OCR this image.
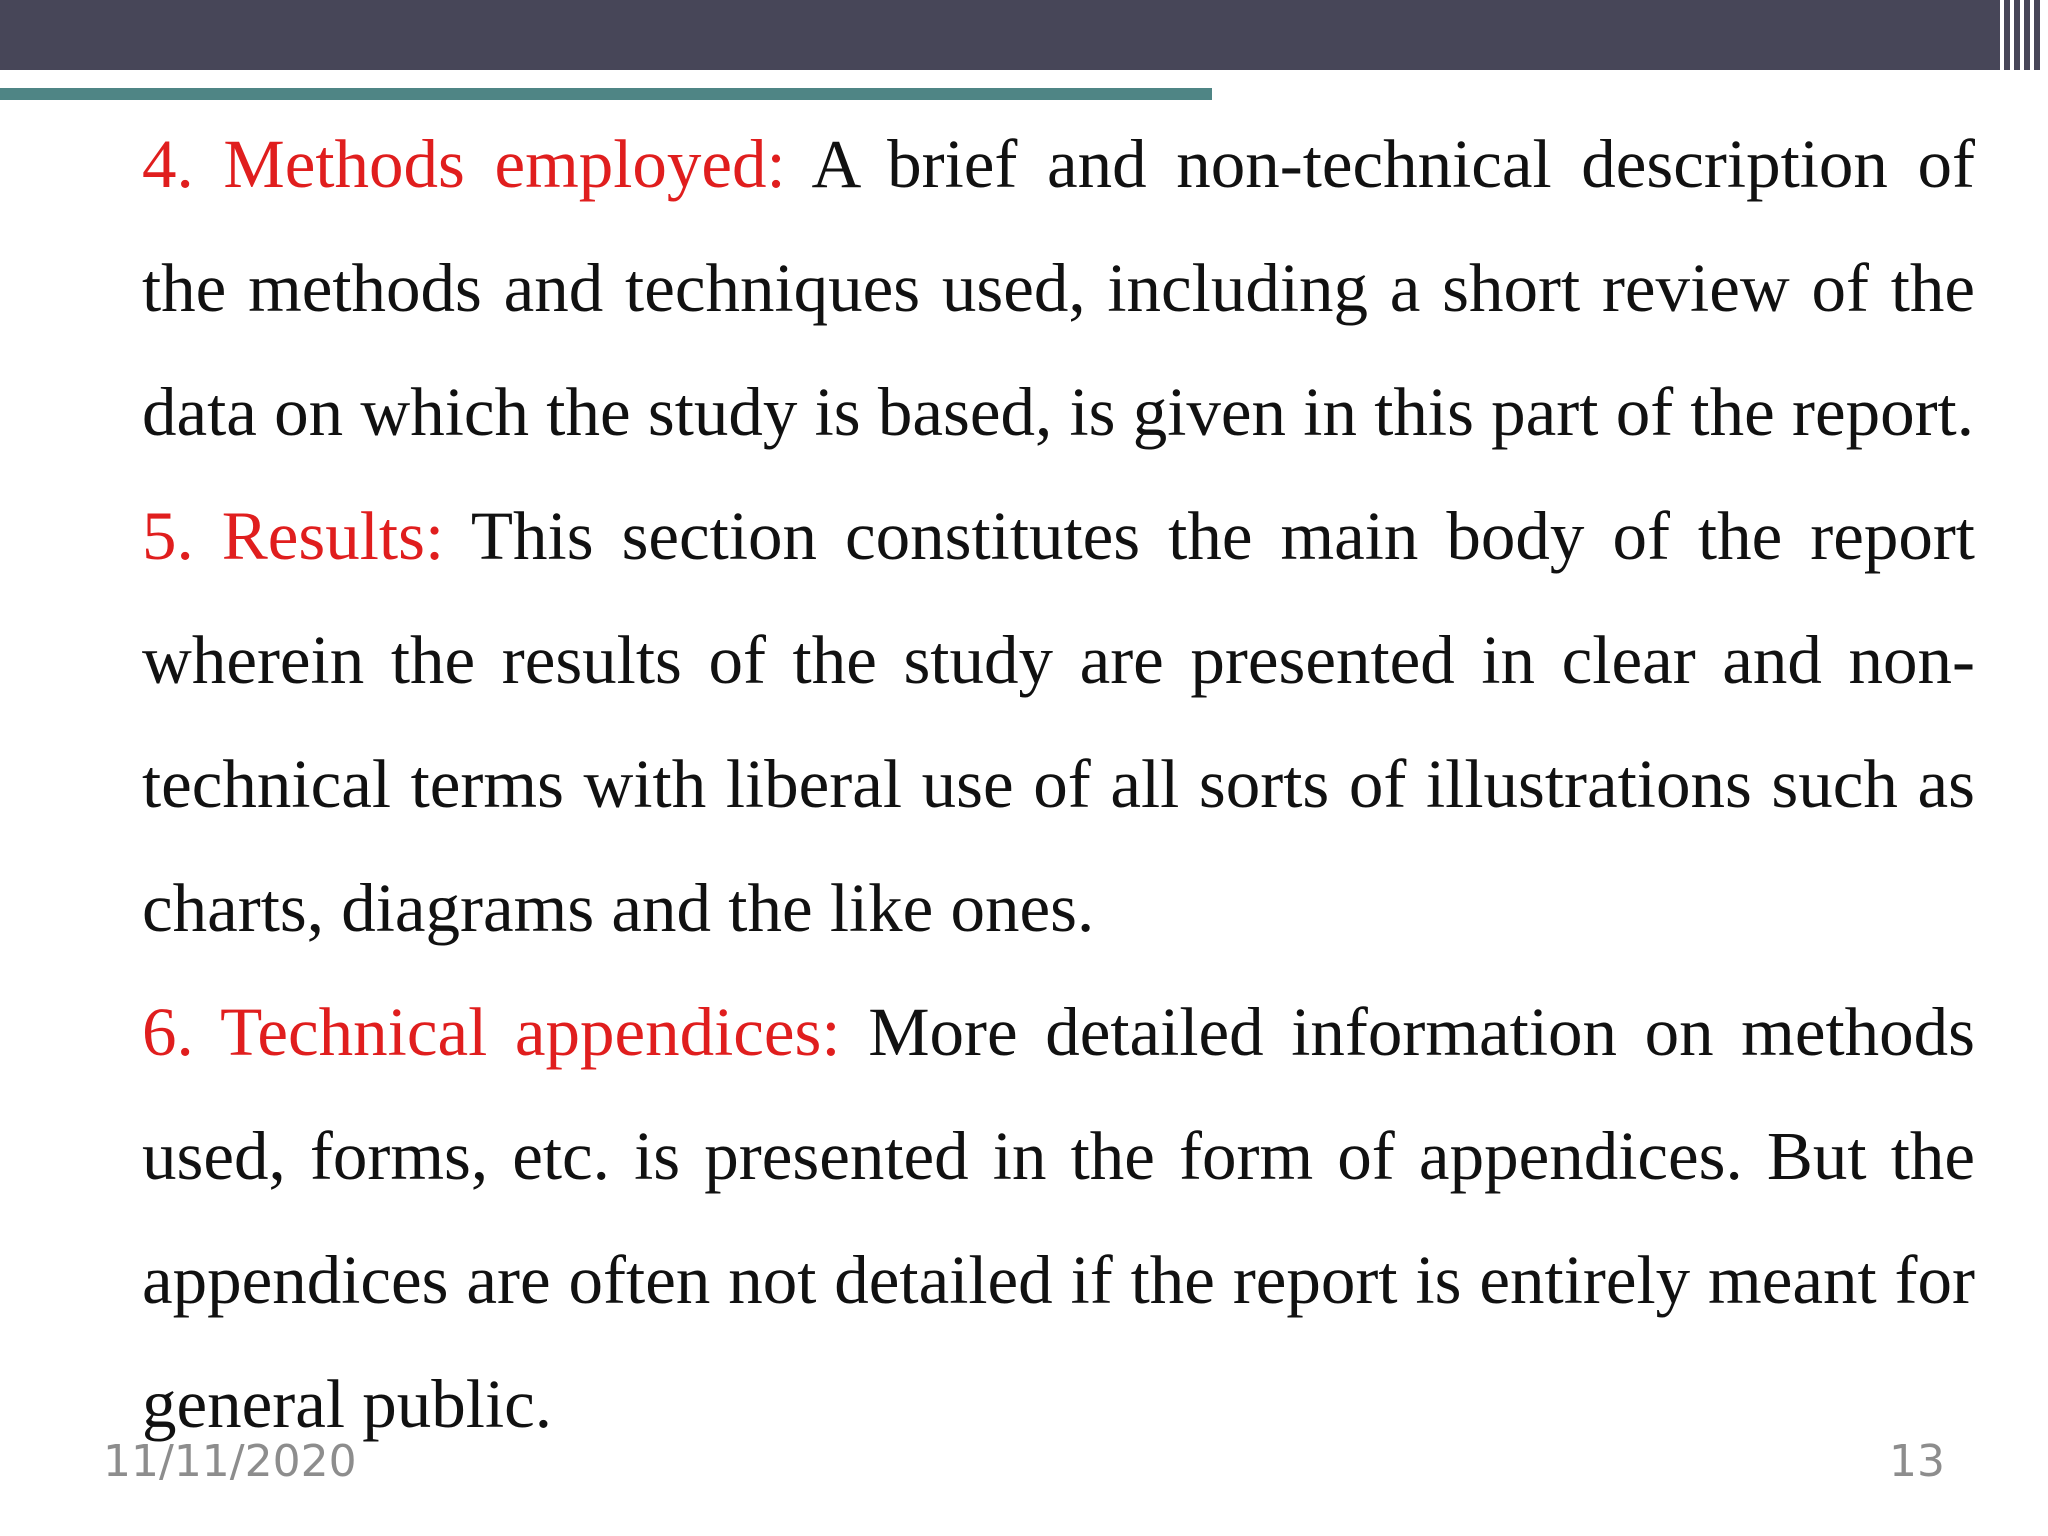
4. Methods employed: A brief and non-technical description of the methods and techniques used, including a short review of the data on which the study is based, is given in this part of the report.

5. Results: This section constitutes the main body of the report wherein the results of the study are presented in clear and non-technical terms with liberal use of all sorts of illustrations such as charts, diagrams and the like ones.

6. Technical appendices: More detailed information on methods used, forms, etc. is presented in the form of appendices. But the appendices are often not detailed if the report is entirely meant for general public.

11/11/2020	13
